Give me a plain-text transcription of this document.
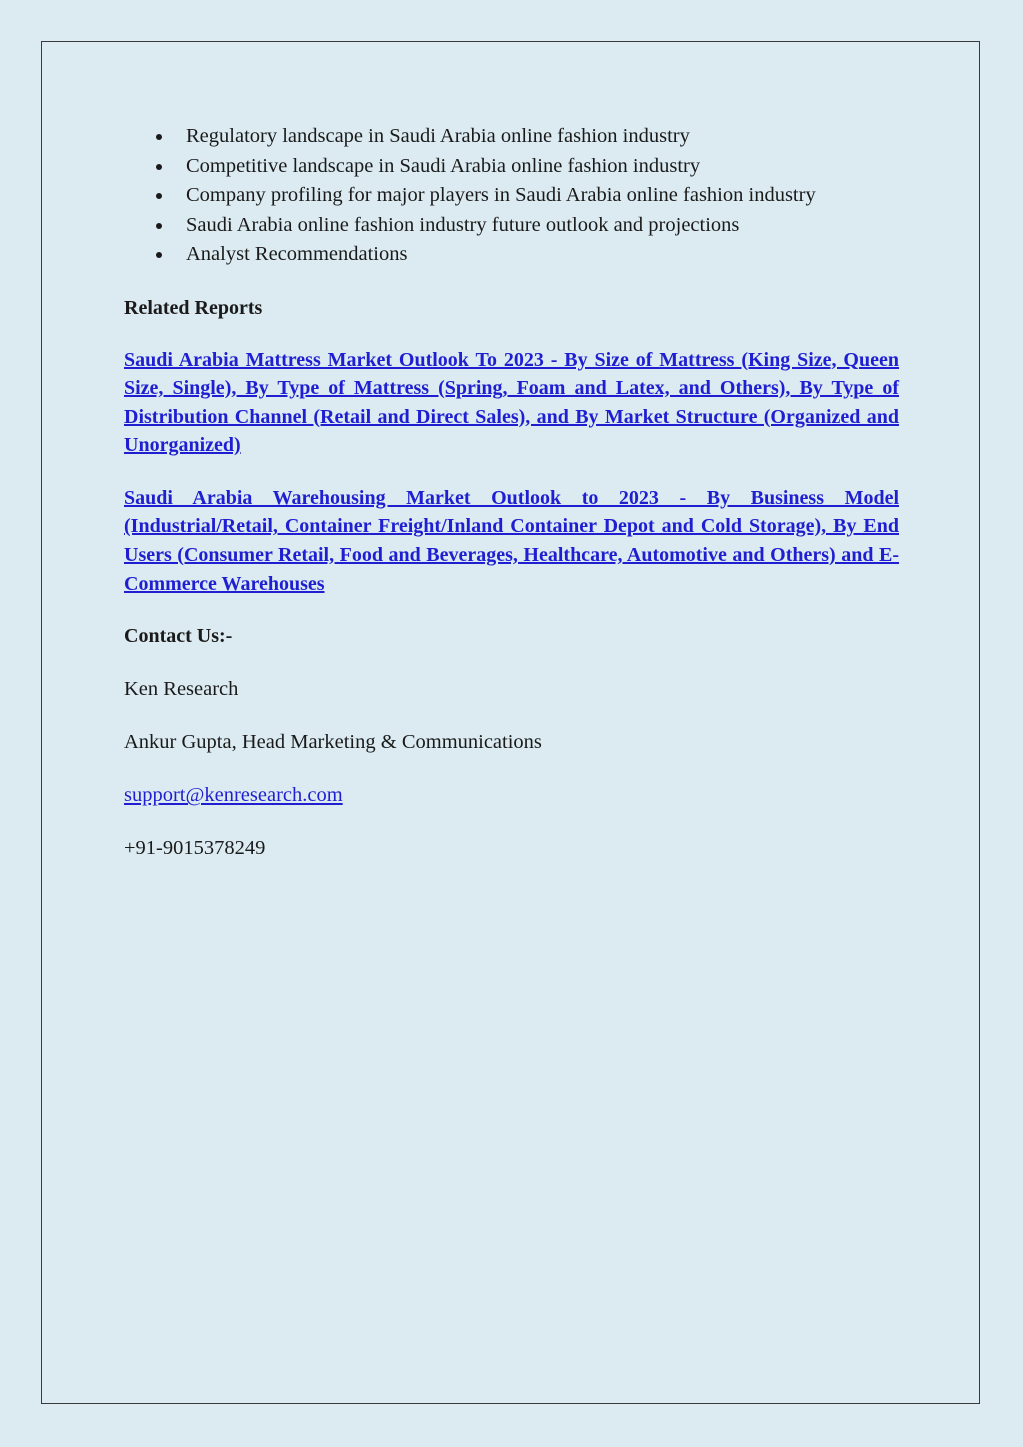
Regulatory landscape in Saudi Arabia online fashion industry
Competitive landscape in Saudi Arabia online fashion industry
Company profiling for major players in Saudi Arabia online fashion industry
Saudi Arabia online fashion industry future outlook and projections
Analyst Recommendations

Related Reports

Saudi Arabia Mattress Market Outlook To 2023 - By Size of Mattress (King Size, Queen Size, Single), By Type of Mattress (Spring, Foam and Latex, and Others), By Type of Distribution Channel (Retail and Direct Sales), and By Market Structure (Organized and Unorganized)
Saudi Arabia Warehousing Market Outlook to 2023 - By Business Model (Industrial/Retail, Container Freight/Inland Container Depot and Cold Storage), By End Users (Consumer Retail, Food and Beverages, Healthcare, Automotive and Others) and E-Commerce Warehouses

Contact Us:-

Ken Research

Ankur Gupta, Head Marketing & Communications

support@kenresearch.com

+91-9015378249
